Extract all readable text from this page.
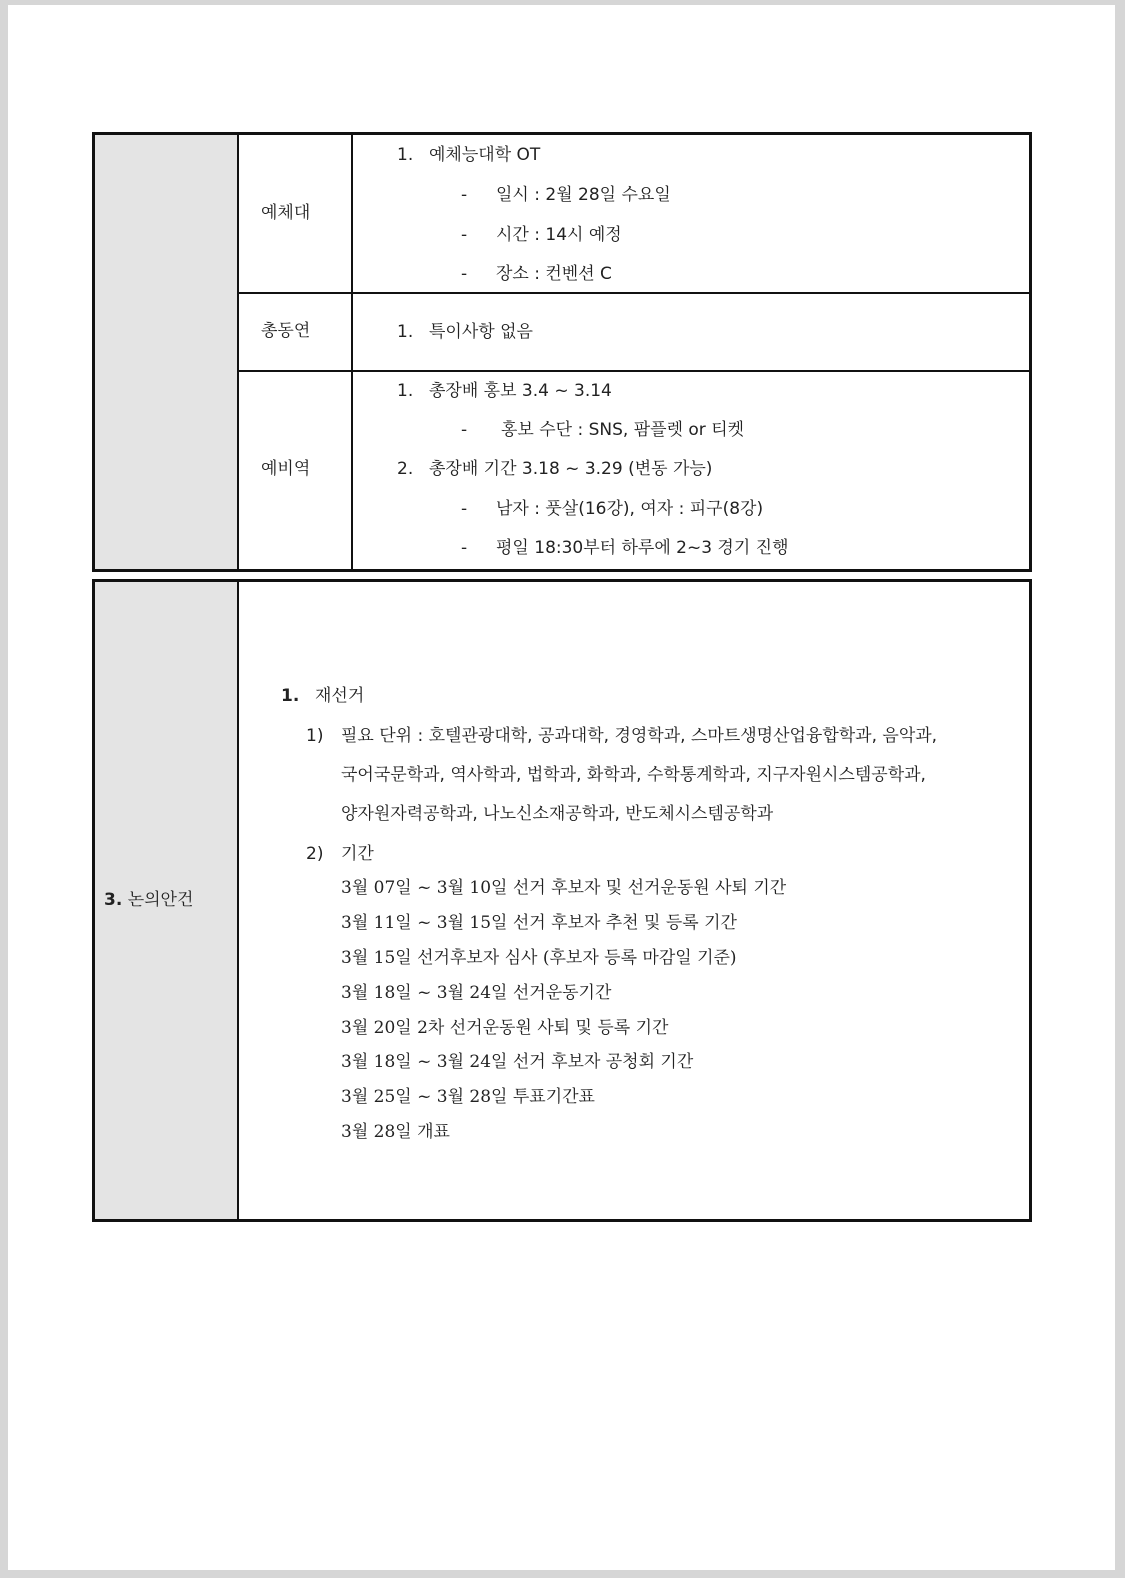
예체대
1. 예체능대학 OT
- 일시 : 2월 28일 수요일
- 시간 : 14시 예정
- 장소 : 컨벤션 C
총동연	1. 특이사항 없음
예비역
1. 총장배 홍보 3.4 ~ 3.14
- 홍보 수단 : SNS, 팜플렛 or 티켓
2. 총장배 기간 3.18 ~ 3.29 (변동 가능)
- 남자 : 풋살(16강), 여자 : 피구(8강)
- 평일 18:30부터 하루에 2~3 경기 진행
3. 논의안건
1. 재선거
1) 필요 단위 : 호텔관광대학, 공과대학, 경영학과, 스마트생명산업융합학과, 음악과,
국어국문학과, 역사학과, 법학과, 화학과, 수학통계학과, 지구자원시스템공학과,
양자원자력공학과, 나노신소재공학과, 반도체시스템공학과
2) 기간
3월 07일 ~ 3월 10일 선거 후보자 및 선거운동원 사퇴 기간
3월 11일 ~ 3월 15일 선거 후보자 추천 및 등록 기간
3월 15일 선거후보자 심사 (후보자 등록 마감일 기준)
3월 18일 ~ 3월 24일 선거운동기간
3월 20일 2차 선거운동원 사퇴 및 등록 기간
3월 18일 ~ 3월 24일 선거 후보자 공청회 기간
3월 25일 ~ 3월 28일 투표기간표
3월 28일 개표
